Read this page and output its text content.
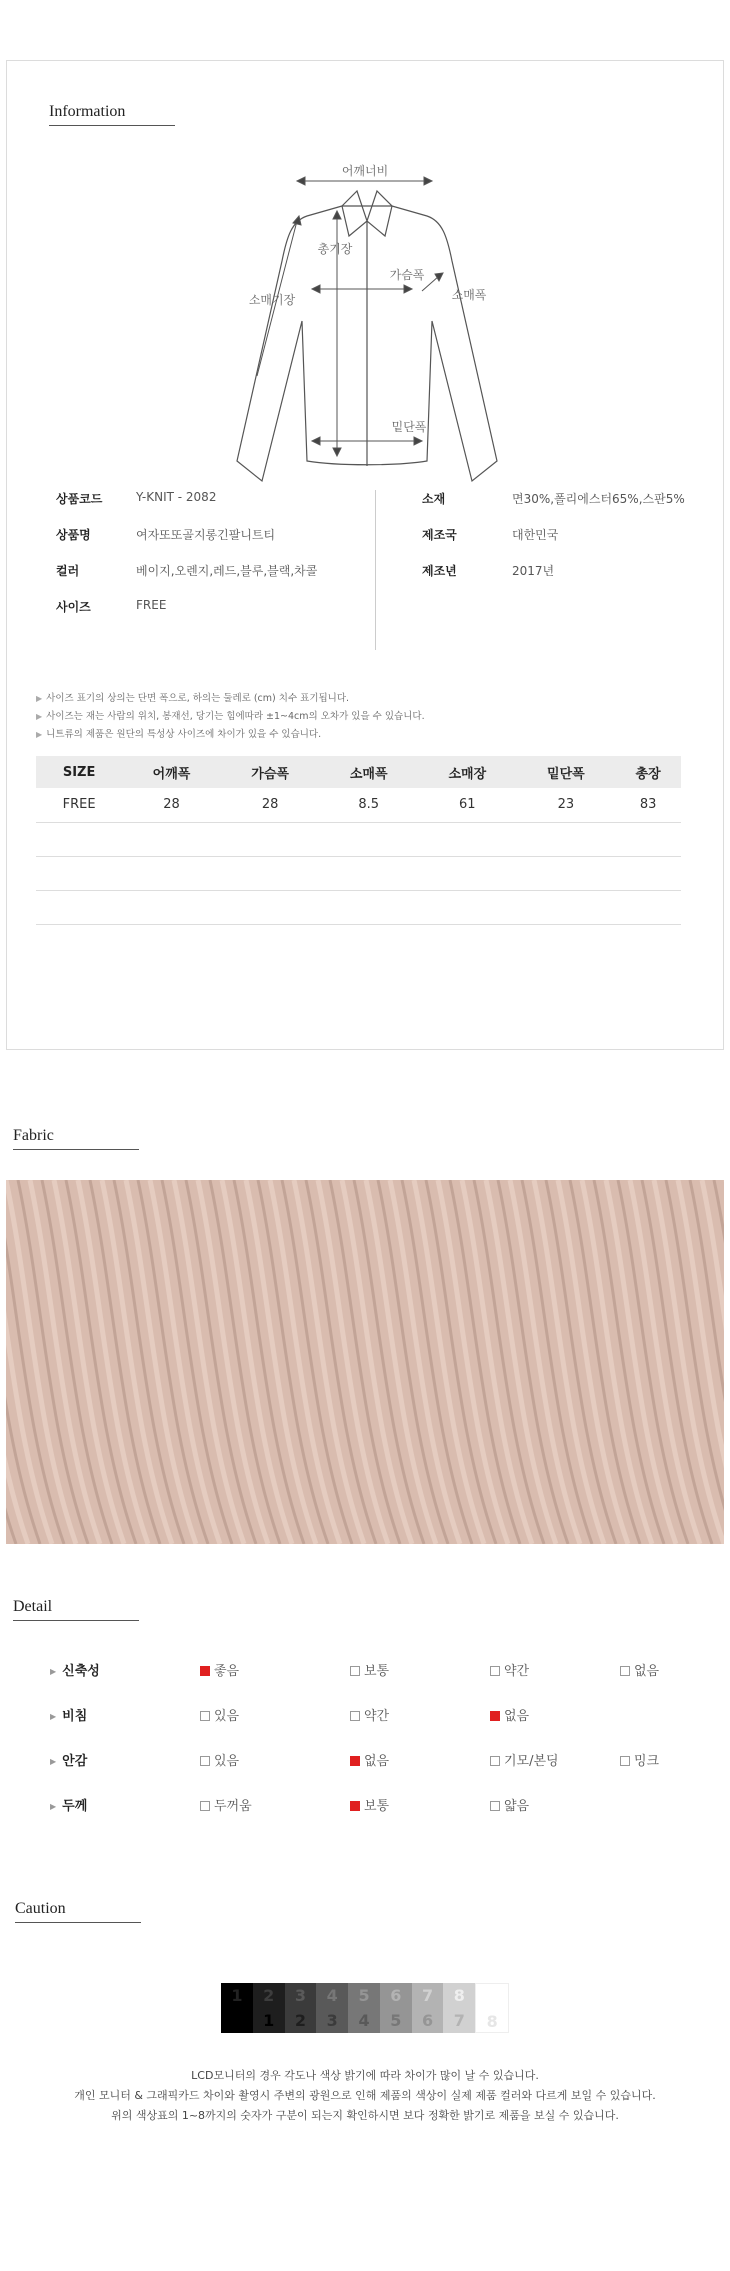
Information
어깨너비
총기장
가슴폭
소매기장	소매폭
밑단폭
상품코드	Y-KNIT - 2082
상품명	여자또또골지롱긴팔니트티
컬러	베이지,오렌지,레드,블루,블랙,차콜
사이즈	FREE
소재	면30%,폴리에스터65%,스판5%
제조국	대한민국
제조년	2017년
▶ 사이즈 표기의 상의는 단면 폭으로, 하의는 둘레로 (cm) 치수 표기됩니다.
▶ 사이즈는 재는 사람의 위치, 봉재선, 당기는 힘에따라 ±1~4cm의 오차가 있을 수 있습니다.
▶ 니트류의 제품은 원단의 특성상 사이즈에 차이가 있을 수 있습니다.
SIZE	어깨폭	가슴폭	소매폭	소매장	밑단폭	총장
FREE	28	28	8.5	61	23	83

Fabric
Detail
▶ 신축성	좋음	보통	약간	없음
▶ 비침	있음	약간	없음
▶ 안감	있음	없음	기모/본딩	밍크
▶ 두께	두꺼움	보통	얇음
Caution
1	2
1
3
2
4
3
5
4
6
5
7
6
8
7	8
LCD모니터의 경우 각도나 색상 밝기에 따라 차이가 많이 날 수 있습니다.
개인 모니터 & 그래픽카드 차이와 촬영시 주변의 광원으로 인해 제품의 색상이 실제 제품 컬러와 다르게 보일 수 있습니다.
위의 색상표의 1~8까지의 숫자가 구분이 되는지 확인하시면 보다 정확한 밝기로 제품을 보실 수 있습니다.
